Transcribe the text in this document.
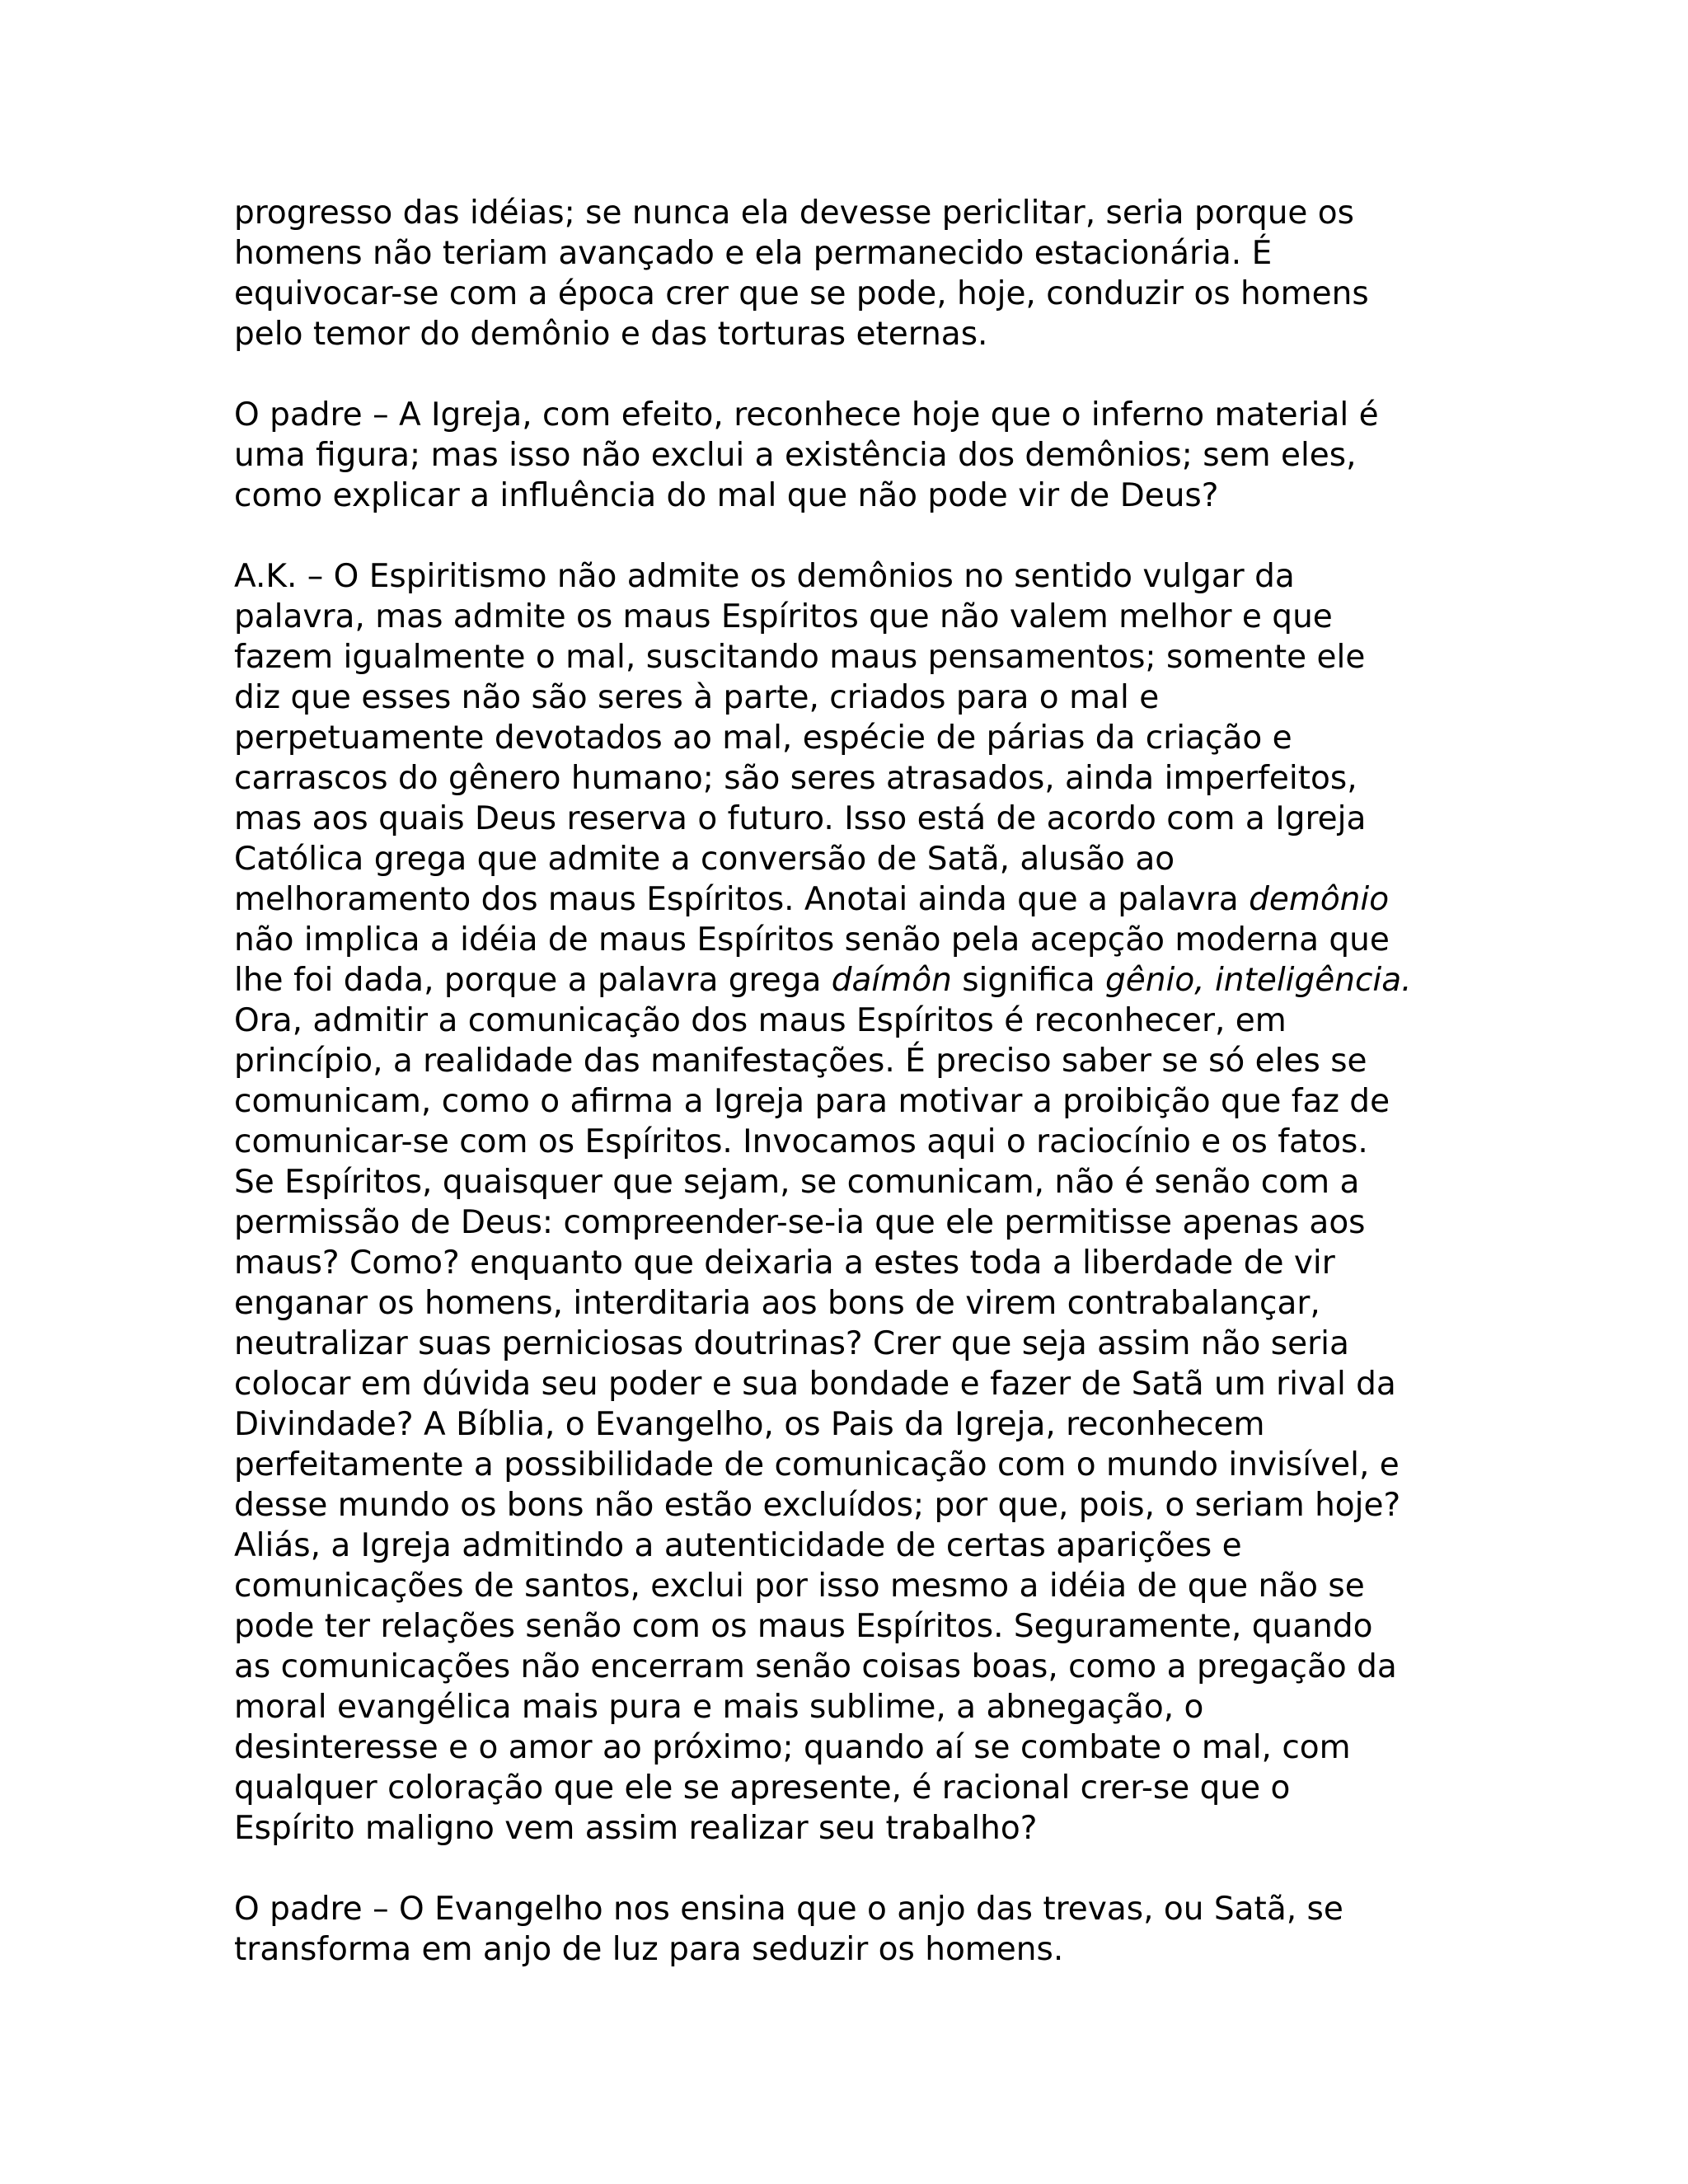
progresso das idéias; se nunca ela devesse periclitar, seria porque os
homens não teriam avançado e ela permanecido estacionária. É
equivocar-se com a época crer que se pode, hoje, conduzir os homens
pelo temor do demônio e das torturas eternas.

O padre – A Igreja, com efeito, reconhece hoje que o inferno material é
uma figura; mas isso não exclui a existência dos demônios; sem eles,
como explicar a influência do mal que não pode vir de Deus?

A.K. – O Espiritismo não admite os demônios no sentido vulgar da
palavra, mas admite os maus Espíritos que não valem melhor e que
fazem igualmente o mal, suscitando maus pensamentos; somente ele
diz que esses não são seres à parte, criados para o mal e
perpetuamente devotados ao mal, espécie de párias da criação e
carrascos do gênero humano; são seres atrasados, ainda imperfeitos,
mas aos quais Deus reserva o futuro. Isso está de acordo com a Igreja
Católica grega que admite a conversão de Satã, alusão ao
melhoramento dos maus Espíritos. Anotai ainda que a palavra demônio
não implica a idéia de maus Espíritos senão pela acepção moderna que
lhe foi dada, porque a palavra grega daímôn significa gênio, inteligência.
Ora, admitir a comunicação dos maus Espíritos é reconhecer, em
princípio, a realidade das manifestações. É preciso saber se só eles se
comunicam, como o afirma a Igreja para motivar a proibição que faz de
comunicar-se com os Espíritos. Invocamos aqui o raciocínio e os fatos.
Se Espíritos, quaisquer que sejam, se comunicam, não é senão com a
permissão de Deus: compreender-se-ia que ele permitisse apenas aos
maus? Como? enquanto que deixaria a estes toda a liberdade de vir
enganar os homens, interditaria aos bons de virem contrabalançar,
neutralizar suas perniciosas doutrinas? Crer que seja assim não seria
colocar em dúvida seu poder e sua bondade e fazer de Satã um rival da
Divindade? A Bíblia, o Evangelho, os Pais da Igreja, reconhecem
perfeitamente a possibilidade de comunicação com o mundo invisível, e
desse mundo os bons não estão excluídos; por que, pois, o seriam hoje?
Aliás, a Igreja admitindo a autenticidade de certas aparições e
comunicações de santos, exclui por isso mesmo a idéia de que não se
pode ter relações senão com os maus Espíritos. Seguramente, quando
as comunicações não encerram senão coisas boas, como a pregação da
moral evangélica mais pura e mais sublime, a abnegação, o
desinteresse e o amor ao próximo; quando aí se combate o mal, com
qualquer coloração que ele se apresente, é racional crer-se que o
Espírito maligno vem assim realizar seu trabalho?

O padre – O Evangelho nos ensina que o anjo das trevas, ou Satã, se
transforma em anjo de luz para seduzir os homens.
